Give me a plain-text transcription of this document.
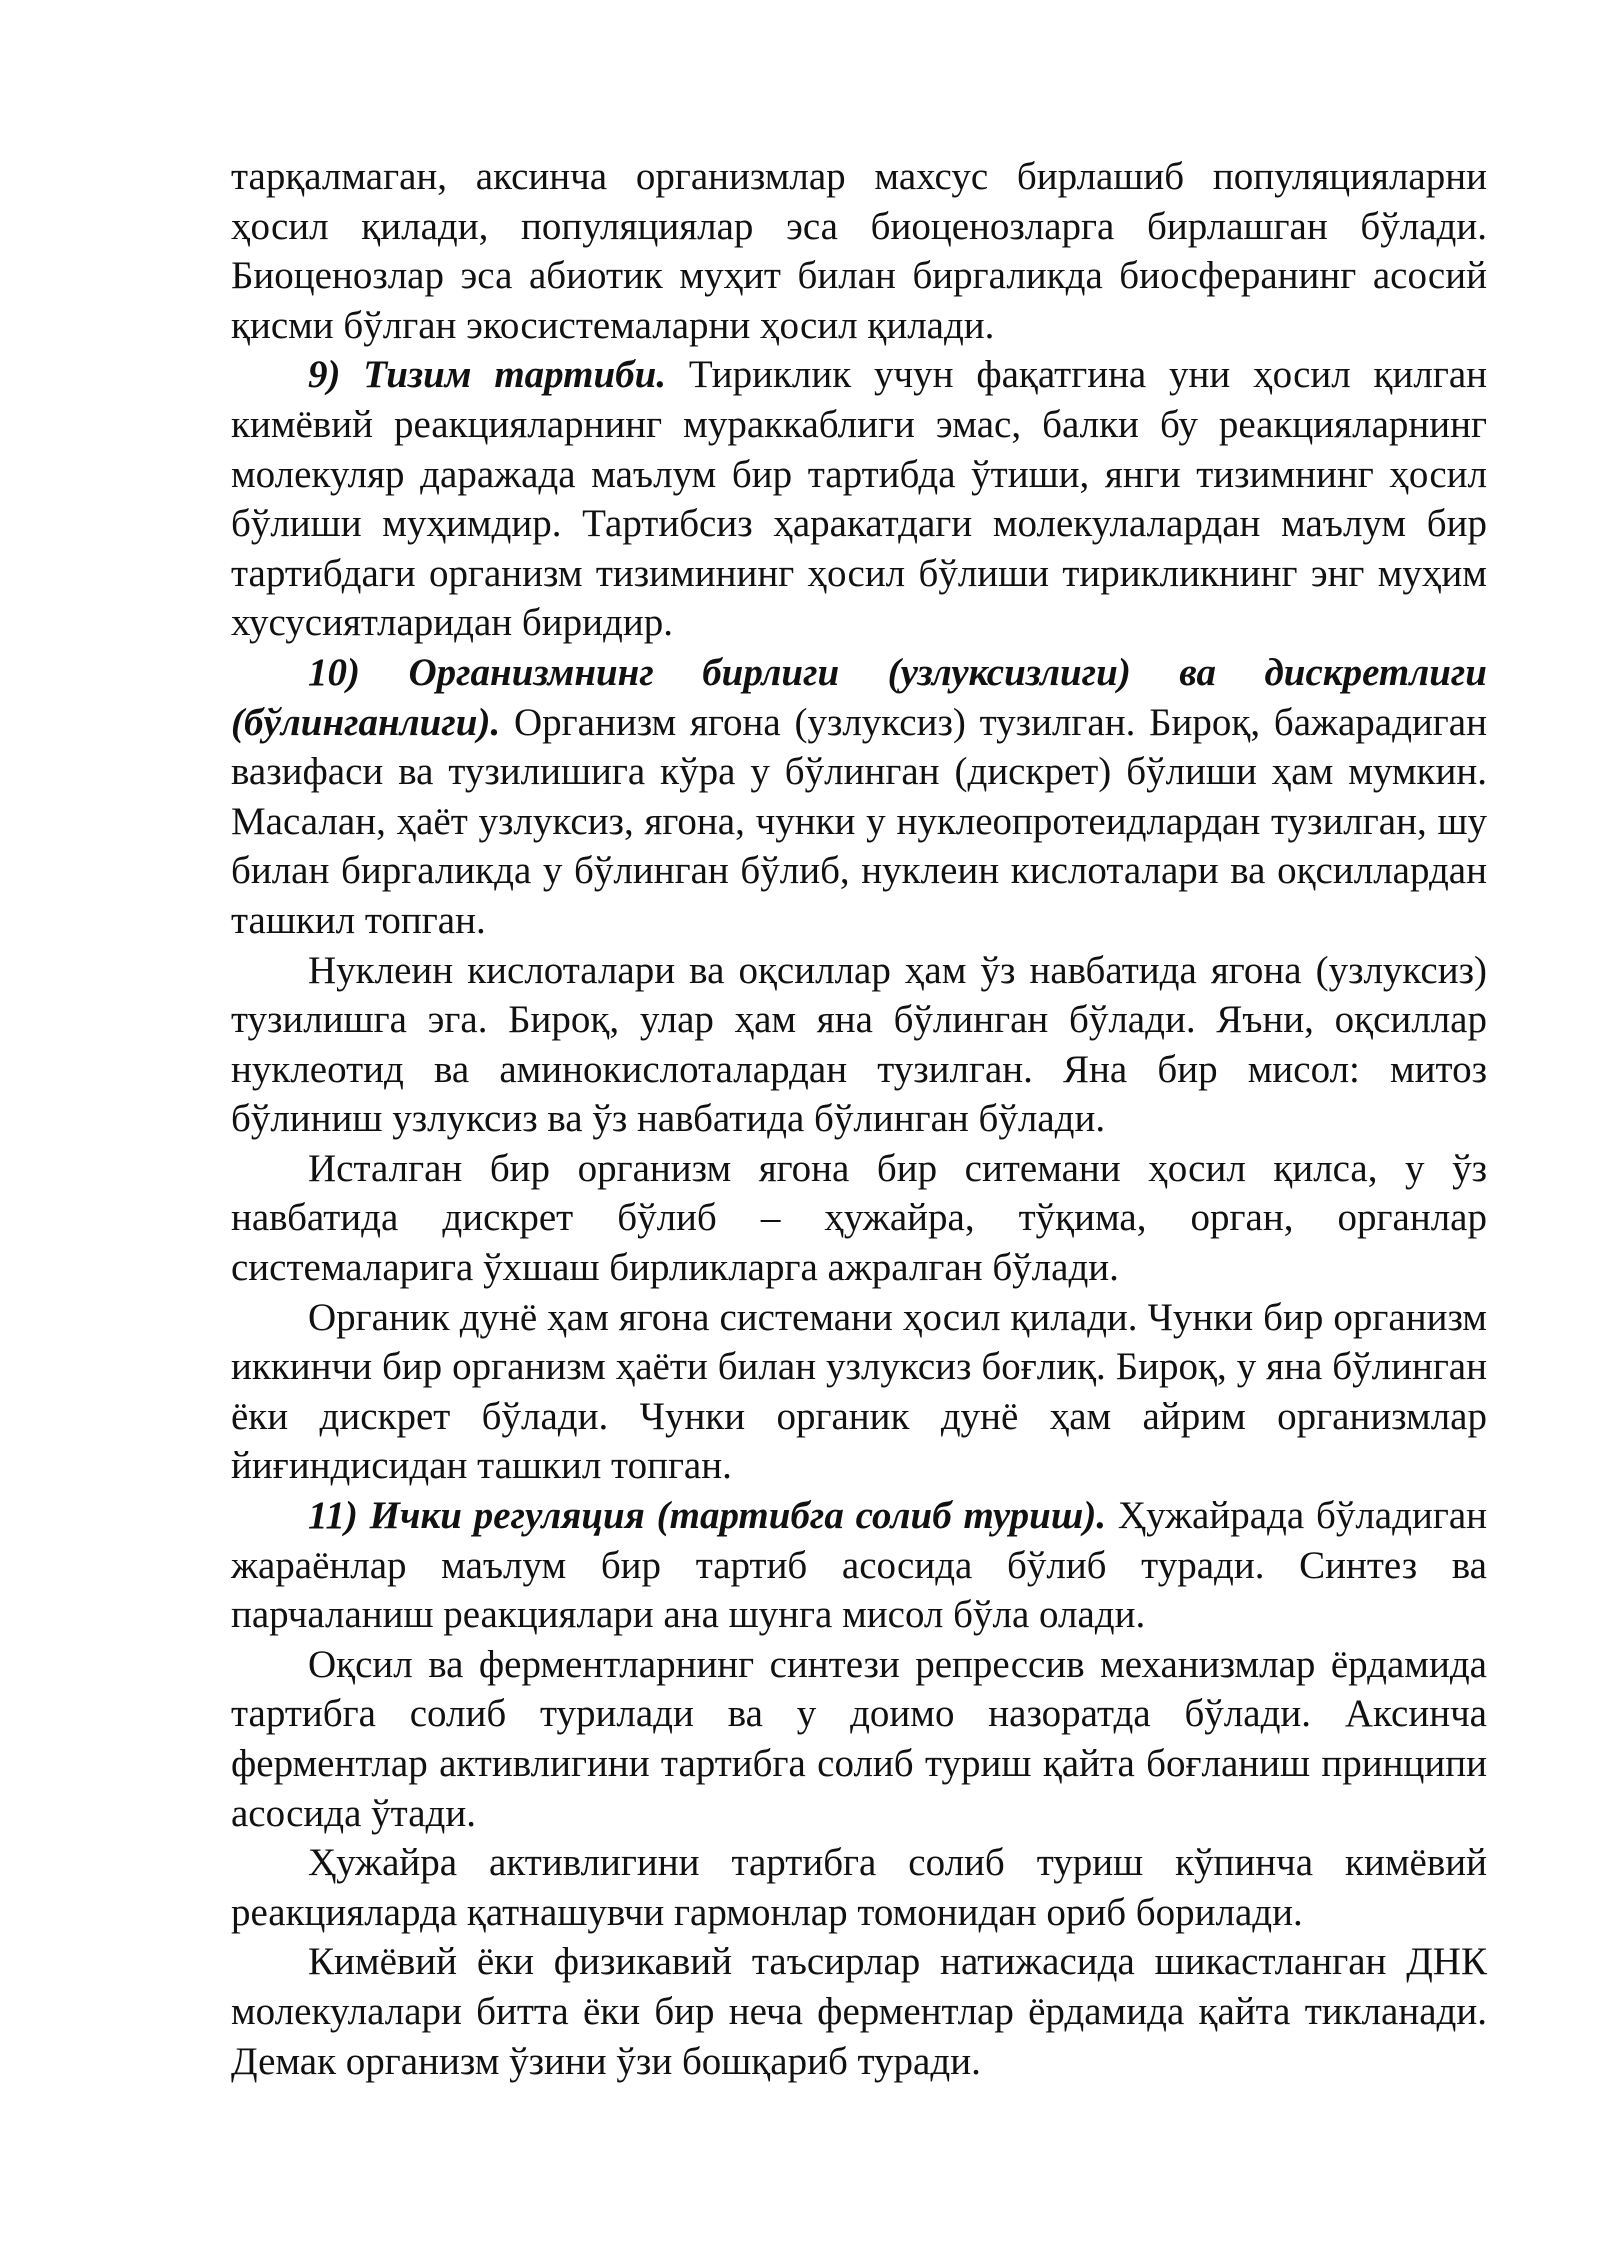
тарқалмаган, аксинча организмлар махсус бирлашиб популяцияларни ҳосил қилади, популяциялар эса биоценозларга бирлашган бўлади. Биоценозлар эса абиотик муҳит билан биргаликда биосферанинг асосий қисми бўлган экосистемаларни ҳосил қилади.

9) Тизим тартиби. Тириклик учун фақатгина уни ҳосил қилган кимёвий реакцияларнинг мураккаблиги эмас, балки бу реакцияларнинг молекуляр даражада маълум бир тартибда ўтиши, янги тизимнинг ҳосил бўлиши муҳимдир. Тартибсиз ҳаракатдаги молекулалардан маълум бир тартибдаги организм тизимининг ҳосил бўлиши тирикликнинг энг муҳим хусусиятларидан биридир.

10) Организмнинг бирлиги (узлуксизлиги) ва дискретлиги (бўлинганлиги). Организм ягона (узлуксиз) тузилган. Бироқ, бажарадиган вазифаси ва тузилишига кўра у бўлинган (дискрет) бўлиши ҳам мумкин. Масалан, ҳаёт узлуксиз, ягона, чунки у нуклеопротеидлардан тузилган, шу билан биргаликда у бўлинган бўлиб, нуклеин кислоталари ва оқсиллардан ташкил топган.

Нуклеин кислоталари ва оқсиллар ҳам ўз навбатида ягона (узлуксиз) тузилишга эга. Бироқ, улар ҳам яна бўлинган бўлади. Яъни, оқсиллар нуклеотид ва аминокислоталардан тузилган. Яна бир мисол: митоз бўлиниш узлуксиз ва ўз навбатида бўлинган бўлади.

Исталган бир организм ягона бир ситемани ҳосил қилса, у ўз навбатида дискрет бўлиб – ҳужайра, тўқима, орган, органлар системаларига ўхшаш бирликларга ажралган бўлади.

Органик дунё ҳам ягона системани ҳосил қилади. Чунки бир организм иккинчи бир организм ҳаёти билан узлуксиз боғлиқ. Бироқ, у яна бўлинган ёки дискрет бўлади. Чунки органик дунё ҳам айрим организмлар йиғиндисидан ташкил топган.

11) Ички регуляция (тартибга солиб туриш). Ҳужайрада бўладиган жараёнлар маълум бир тартиб асосида бўлиб туради. Синтез ва парчаланиш реакциялари ана шунга мисол бўла олади.

Оқсил ва ферментларнинг синтези репрессив механизмлар ёрдамида тартибга солиб турилади ва у доимо назоратда бўлади. Аксинча ферментлар активлигини тартибга солиб туриш қайта боғланиш принципи асосида ўтади.

Ҳужайра активлигини тартибга солиб туриш кўпинча кимёвий реакцияларда қатнашувчи гармонлар томонидан ориб борилади.

Кимёвий ёки физикавий таъсирлар натижасида шикастланган ДНК молекулалари битта ёки бир неча ферментлар ёрдамида қайта тикланади. Демак организм ўзини ўзи бошқариб туради.
